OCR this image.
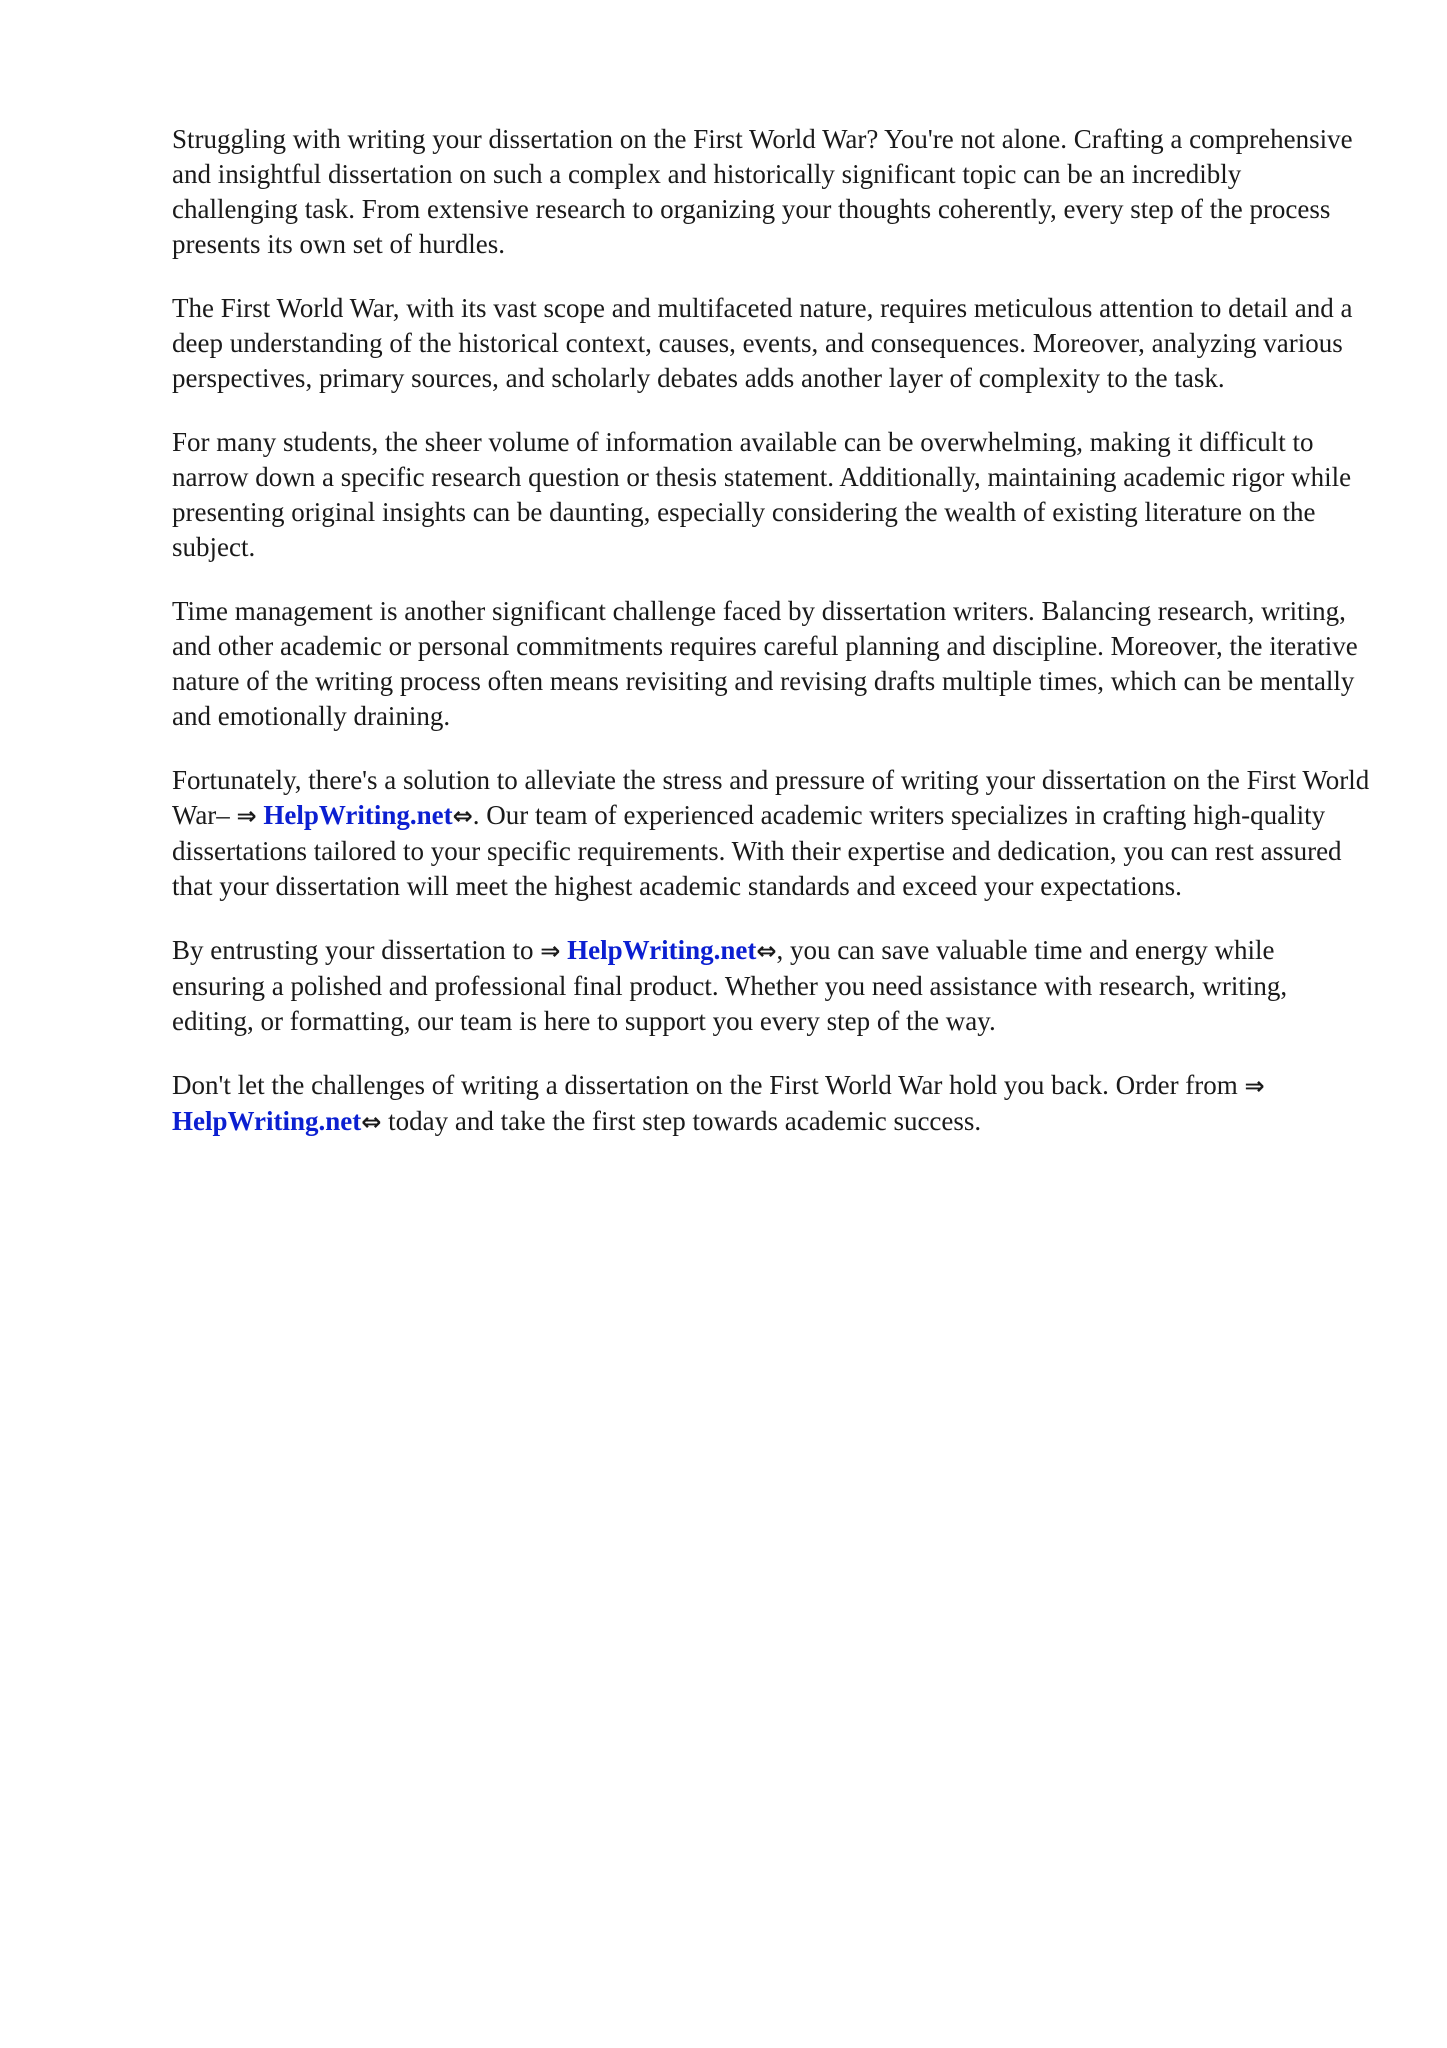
Struggling with writing your dissertation on the First World War? You're not alone. Crafting a comprehensive and insightful dissertation on such a complex and historically significant topic can be an incredibly challenging task. From extensive research to organizing your thoughts coherently, every step of the process presents its own set of hurdles.

The First World War, with its vast scope and multifaceted nature, requires meticulous attention to detail and a deep understanding of the historical context, causes, events, and consequences. Moreover, analyzing various perspectives, primary sources, and scholarly debates adds another layer of complexity to the task.

For many students, the sheer volume of information available can be overwhelming, making it difficult to narrow down a specific research question or thesis statement. Additionally, maintaining academic rigor while presenting original insights can be daunting, especially considering the wealth of existing literature on the subject.

Time management is another significant challenge faced by dissertation writers. Balancing research, writing, and other academic or personal commitments requires careful planning and discipline. Moreover, the iterative nature of the writing process often means revisiting and revising drafts multiple times, which can be mentally and emotionally draining.

Fortunately, there's a solution to alleviate the stress and pressure of writing your dissertation on the First World War– ⇒ HelpWriting.net⇔. Our team of experienced academic writers specializes in crafting high-quality dissertations tailored to your specific requirements. With their expertise and dedication, you can rest assured that your dissertation will meet the highest academic standards and exceed your expectations.

By entrusting your dissertation to ⇒ HelpWriting.net⇔, you can save valuable time and energy while ensuring a polished and professional final product. Whether you need assistance with research, writing, editing, or formatting, our team is here to support you every step of the way.

Don't let the challenges of writing a dissertation on the First World War hold you back. Order from ⇒ HelpWriting.net⇔ today and take the first step towards academic success.
